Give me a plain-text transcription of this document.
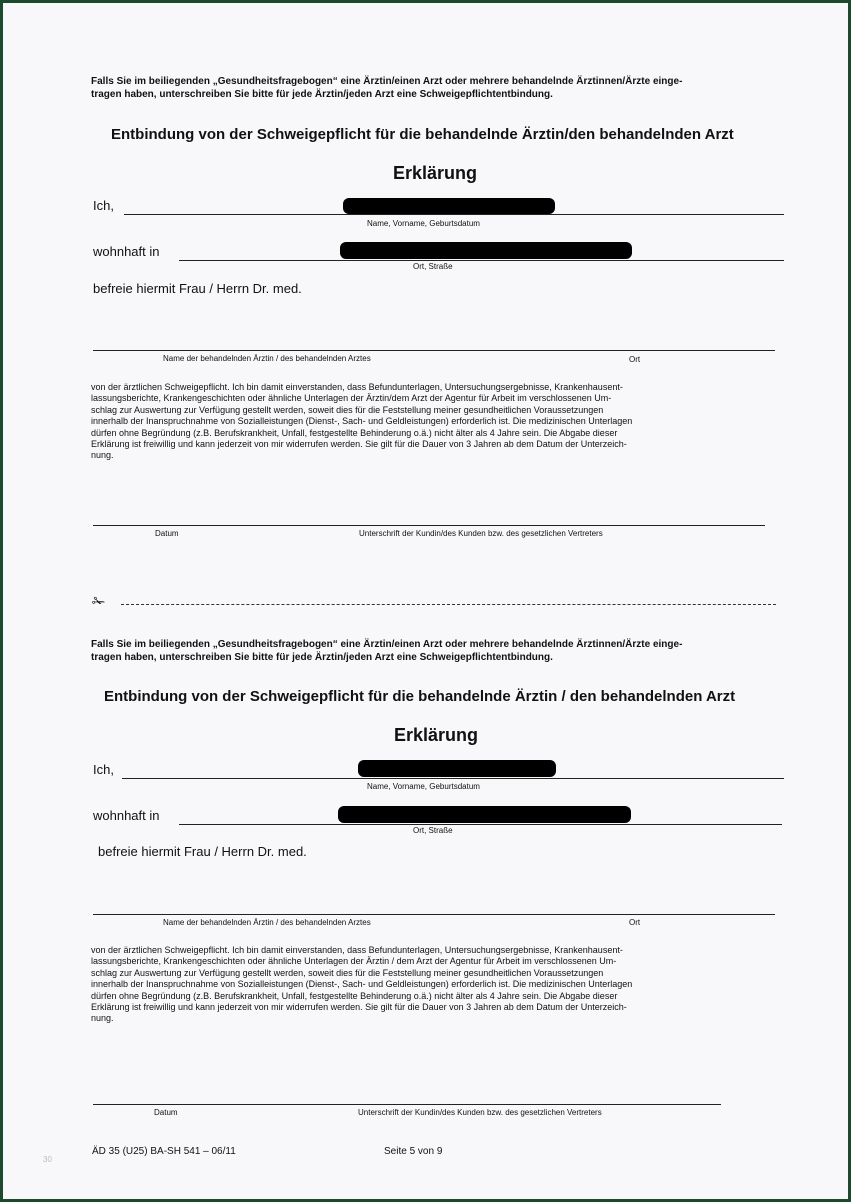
Falls Sie im beiliegenden „Gesundheitsfragebogen“ eine Ärztin/einen Arzt oder mehrere behandelnde Ärztinnen/Ärzte einge-
tragen haben, unterschreiben Sie bitte für jede Ärztin/jeden Arzt eine Schweigepflichtentbindung.
Entbindung von der Schweigepflicht für die behandelnde Ärztin/den behandelnden Arzt
Erklärung
Ich,
Name, Vorname, Geburtsdatum
wohnhaft in
Ort, Straße
befreie hiermit Frau / Herrn Dr. med.
Name der behandelnden Ärztin / des behandelnden Arztes	Ort
von der ärztlichen Schweigepflicht. Ich bin damit einverstanden, dass Befundunterlagen, Untersuchungsergebnisse, Krankenhausent-
lassungsberichte, Krankengeschichten oder ähnliche Unterlagen der Ärztin/dem Arzt der Agentur für Arbeit im verschlossenen Um-
schlag zur Auswertung zur Verfügung gestellt werden, soweit dies für die Feststellung meiner gesundheitlichen Voraussetzungen
innerhalb der Inanspruchnahme von Sozialleistungen (Dienst-, Sach- und Geldleistungen) erforderlich ist. Die medizinischen Unterlagen
dürfen ohne Begründung (z.B. Berufskrankheit, Unfall, festgestellte Behinderung o.ä.) nicht älter als 4 Jahre sein. Die Abgabe dieser
Erklärung ist freiwillig und kann jederzeit von mir widerrufen werden. Sie gilt für die Dauer von 3 Jahren ab dem Datum der Unterzeich-
nung.
Datum	Unterschrift der Kundin/des Kunden bzw. des gesetzlichen Vertreters
✁
Falls Sie im beiliegenden „Gesundheitsfragebogen“ eine Ärztin/einen Arzt oder mehrere behandelnde Ärztinnen/Ärzte einge-
tragen haben, unterschreiben Sie bitte für jede Ärztin/jeden Arzt eine Schweigepflichtentbindung.
Entbindung von der Schweigepflicht für die behandelnde Ärztin / den behandelnden Arzt
Erklärung
Ich,
Name, Vorname, Geburtsdatum
wohnhaft in
Ort, Straße
befreie hiermit Frau / Herrn Dr. med.
Name der behandelnden Ärztin / des behandelnden Arztes	Ort
von der ärztlichen Schweigepflicht. Ich bin damit einverstanden, dass Befundunterlagen, Untersuchungsergebnisse, Krankenhausent-
lassungsberichte, Krankengeschichten oder ähnliche Unterlagen der Ärztin / dem Arzt der Agentur für Arbeit im verschlossenen Um-
schlag zur Auswertung zur Verfügung gestellt werden, soweit dies für die Feststellung meiner gesundheitlichen Voraussetzungen
innerhalb der Inanspruchnahme von Sozialleistungen (Dienst-, Sach- und Geldleistungen) erforderlich ist. Die medizinischen Unterlagen
dürfen ohne Begründung (z.B. Berufskrankheit, Unfall, festgestellte Behinderung o.ä.) nicht älter als 4 Jahre sein. Die Abgabe dieser
Erklärung ist freiwillig und kann jederzeit von mir widerrufen werden. Sie gilt für die Dauer von 3 Jahren ab dem Datum der Unterzeich-
nung.
Datum	Unterschrift der Kundin/des Kunden bzw. des gesetzlichen Vertreters
30
ÄD 35 (U25) BA-SH 541 – 06/11	Seite 5 von 9
